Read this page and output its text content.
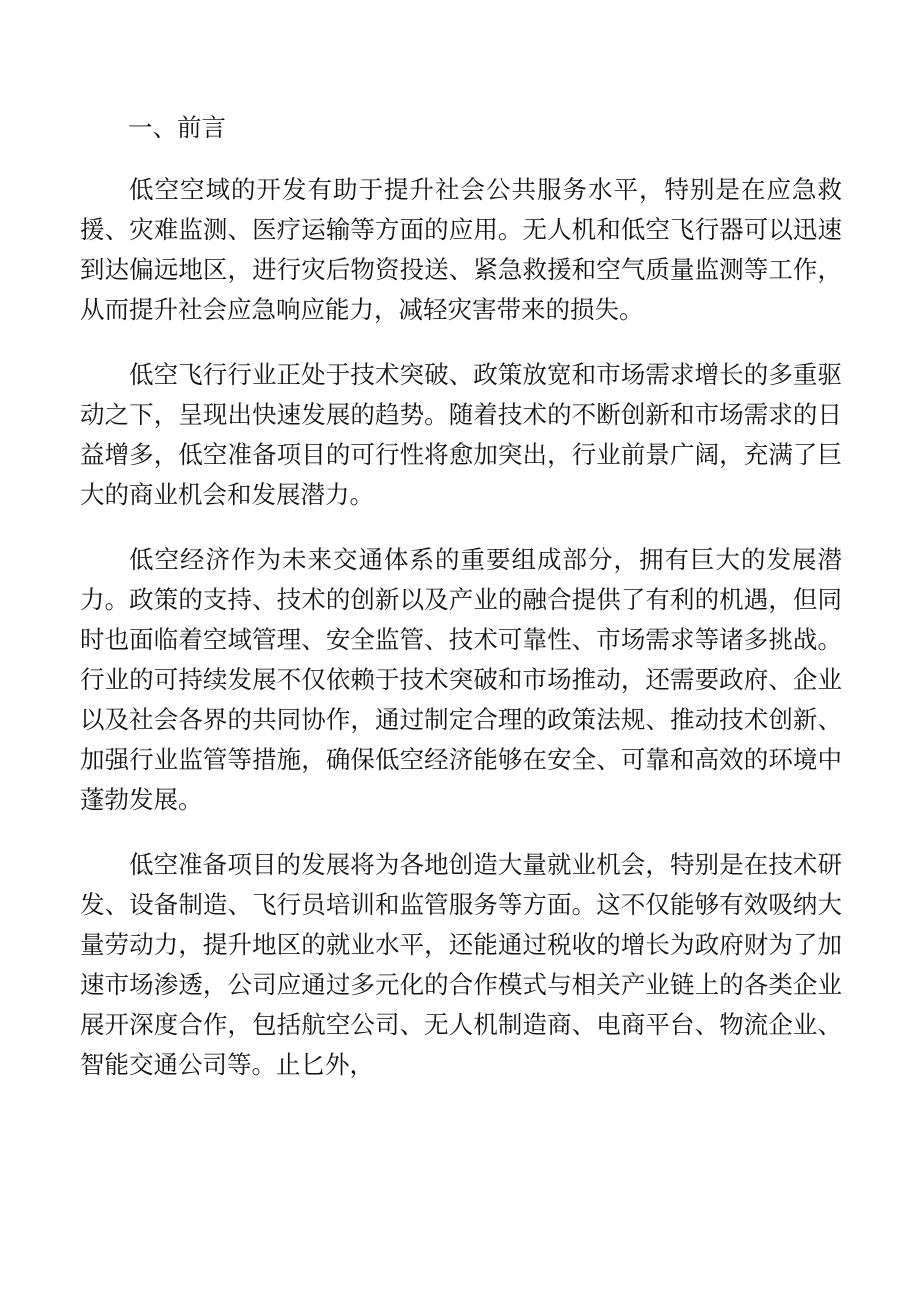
一、前言

低空空域的开发有助于提升社会公共服务水平，特别是在应急救援、灾难监测、医疗运输等方面的应用。无人机和低空飞行器可以迅速到达偏远地区，进行灾后物资投送、紧急救援和空气质量监测等工作，从而提升社会应急响应能力，减轻灾害带来的损失。

低空飞行行业正处于技术突破、政策放宽和市场需求增长的多重驱动之下，呈现出快速发展的趋势。随着技术的不断创新和市场需求的日益增多，低空准备项目的可行性将愈加突出，行业前景广阔，充满了巨大的商业机会和发展潜力。

低空经济作为未来交通体系的重要组成部分，拥有巨大的发展潜力。政策的支持、技术的创新以及产业的融合提供了有利的机遇，但同时也面临着空域管理、安全监管、技术可靠性、市场需求等诸多挑战。行业的可持续发展不仅依赖于技术突破和市场推动，还需要政府、企业以及社会各界的共同协作，通过制定合理的政策法规、推动技术创新、加强行业监管等措施，确保低空经济能够在安全、可靠和高效的环境中蓬勃发展。

低空准备项目的发展将为各地创造大量就业机会，特别是在技术研发、设备制造、飞行员培训和监管服务等方面。这不仅能够有效吸纳大量劳动力，提升地区的就业水平，还能通过税收的增长为政府财为了加速市场渗透，公司应通过多元化的合作模式与相关产业链上的各类企业展开深度合作，包括航空公司、无人机制造商、电商平台、物流企业、智能交通公司等。止匕外，
